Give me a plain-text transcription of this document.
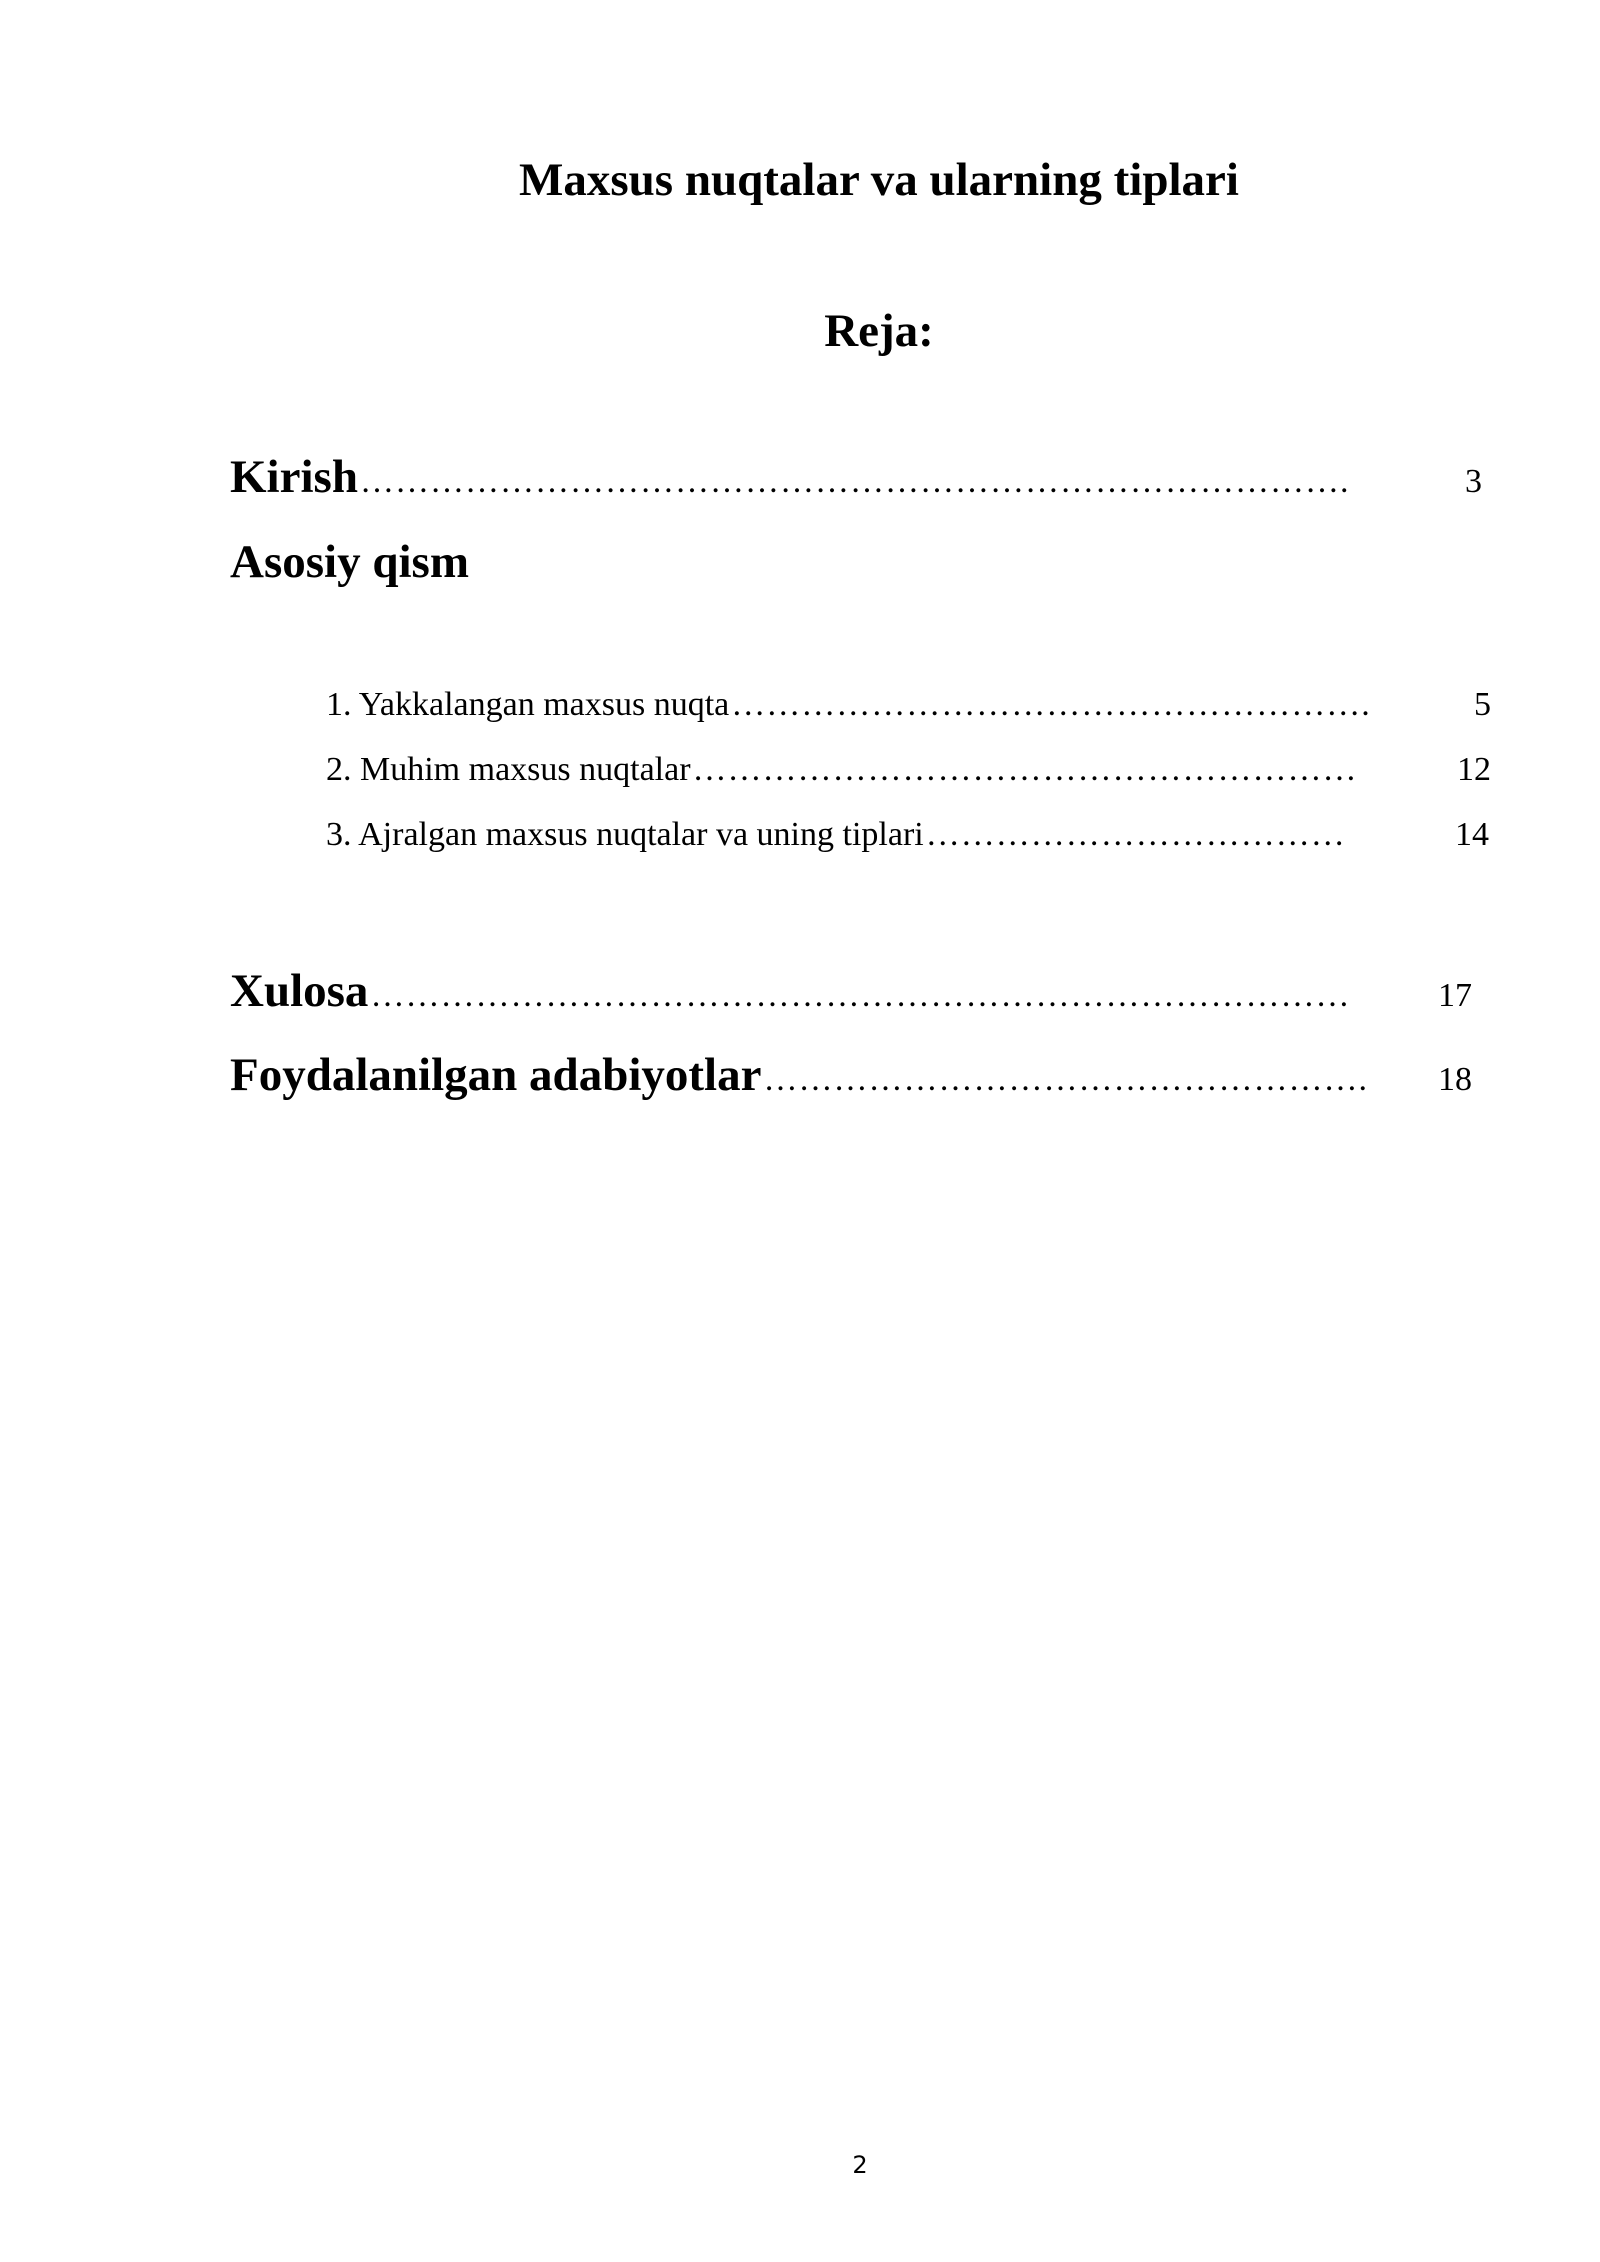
Maxsus nuqtalar va ularning tiplari
Reja:
Kirish ………………………………………………………………………….	3
Asosiy qism
1. Yakkalangan maxsus nuqta ……………………………………………….	5
2. Muhim maxsus nuqtalar …………………………………………………	12
3. Ajralgan maxsus nuqtalar va uning tiplari ………………………………	14
Xulosa …………………………………………………………………………	17
Foydalanilgan adabiyotlar …………………………………………….	18
2
